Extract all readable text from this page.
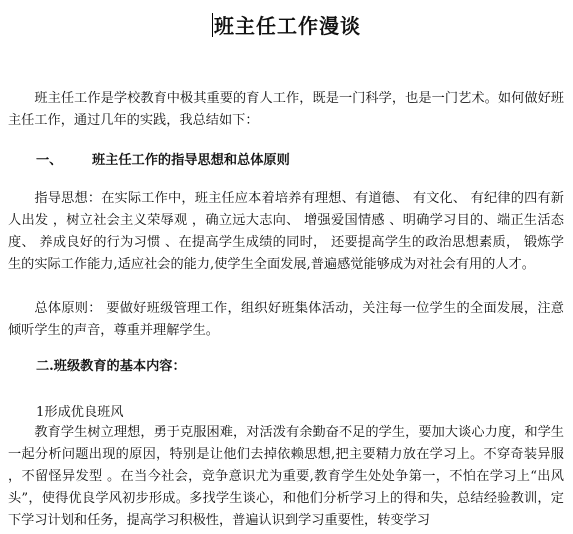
班主任工作漫谈

班主任工作是学校教育中极其重要的育人工作，既是一门科学，也是一门艺术。如何做好班主任工作，通过几年的实践，我总结如下：

一、 班主任工作的指导思想和总体原则

指导思想：在实际工作中，班主任应本着培养有理想、有道德、 有文化、 有纪律的四有新人出发 ，树立社会主义荣辱观 ，确立远大志向、 增强爱国情感 、明确学习目的、端正生活态度、 养成良好的行为习惯 、在提高学生成绩的同时， 还要提高学生的政治思想素质， 锻炼学生的实际工作能力,适应社会的能力,使学生全面发展,普遍感觉能够成为对社会有用的人才。

总体原则： 要做好班级管理工作，组织好班集体活动，关注每一位学生的全面发展，注意倾听学生的声音，尊重并理解学生。

二.班级教育的基本内容：
1形成优良班风

教育学生树立理想，勇于克服困难，对活泼有余勤奋不足的学生，要加大谈心力度，和学生一起分析问题出现的原因，特别是让他们去掉依赖思想,把主要精力放在学习上。不穿奇装异服 ，不留怪异发型 。在当今社会，竞争意识尤为重要,教育学生处处争第一，不怕在学习上“出风头”，使得优良学风初步形成。多找学生谈心，和他们分析学习上的得和失，总结经验教训，定下学习计划和任务，提高学习积极性，普遍认识到学习重要性，转变学习
